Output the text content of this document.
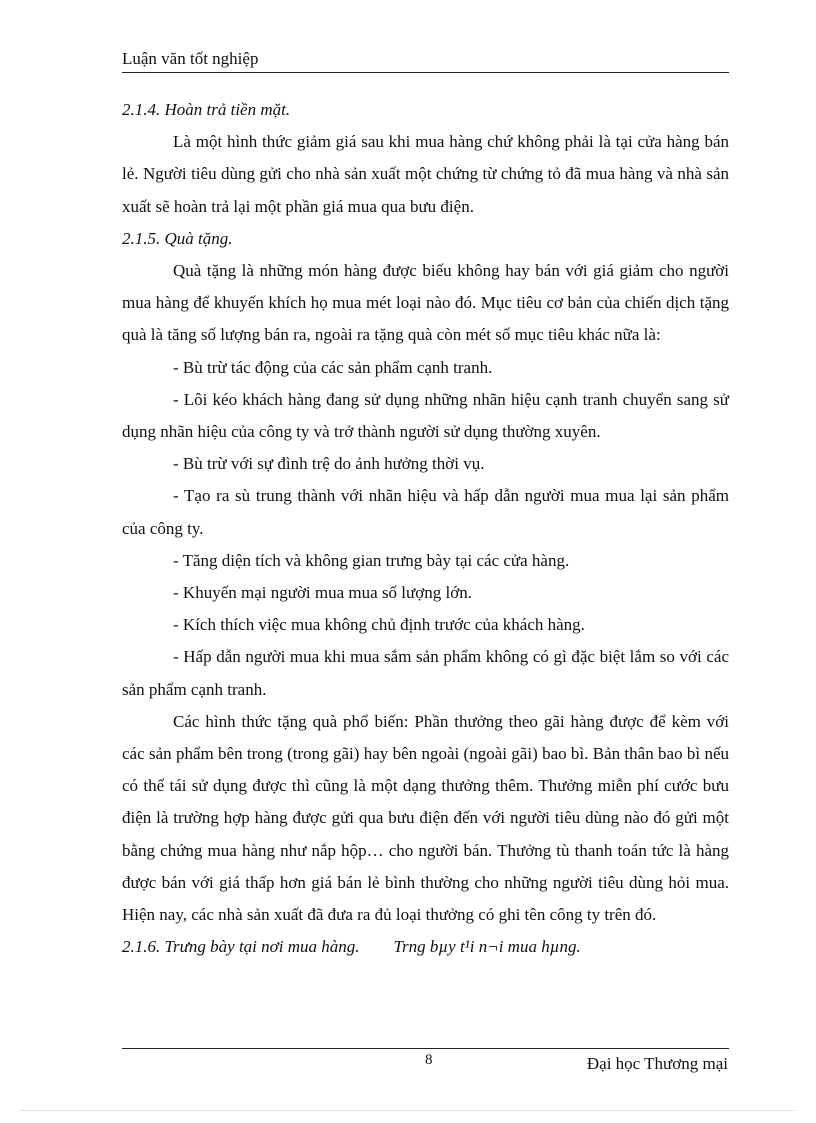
Luận văn tốt nghiệp

2.1.4. Hoàn trả tiền mặt.

Là một hình thức giảm giá sau khi mua hàng chứ không phải là tại cửa hàng bán lẻ. Người tiêu dùng gửi cho nhà sản xuất một chứng từ chứng tỏ đã mua hàng và nhà sản xuất sẽ hoàn trả lại một phần giá mua qua bưu điện.

2.1.5. Quà tặng.

Quà tặng là những món hàng được biếu không hay bán với giá giảm cho người mua hàng để khuyến khích họ mua mét loại nào đó. Mục tiêu cơ bản của chiến dịch tặng quà là tăng số lượng bán ra, ngoài ra tặng quà còn mét số mục tiêu khác nữa là:

- Bù trừ tác động của các sản phẩm cạnh tranh.

- Lôi kéo khách hàng đang sử dụng những nhãn hiệu cạnh tranh chuyển sang sử dụng nhãn hiệu của công ty và trở thành người sử dụng thường xuyên.

- Bù trừ với sự đình trệ do ảnh hưởng thời vụ.

- Tạo ra sù trung thành với nhãn hiệu và hấp dẫn người mua mua lại sản phẩm của công ty.

- Tăng diện tích và không gian trưng bày tại các cửa hàng.

- Khuyến mại người mua mua số lượng lớn.

- Kích thích việc mua không chủ định trước của khách hàng.

- Hấp dẫn người mua khi mua sắm sản phẩm không có gì đặc biệt lắm so với các sản phẩm cạnh tranh.

Các hình thức tặng quà phổ biến: Phần thưởng theo gãi hàng được để kèm với các sản phẩm bên trong (trong gãi) hay bên ngoài (ngoài gãi) bao bì. Bản thân bao bì nếu có thể tái sử dụng được thì cũng là một dạng thưởng thêm. Thưởng miễn phí cước bưu điện là trường hợp hàng được gửi qua bưu điện đến với người tiêu dùng nào đó gửi một bằng chứng mua hàng như nắp hộp… cho người bán. Thưởng tù thanh toán tức là hàng được bán với giá thấp hơn giá bán lẻ bình thường cho những người tiêu dùng hỏi mua. Hiện nay, các nhà sản xuất đã đưa ra đủ loại thưởng có ghi tên công ty trên đó.

2.1.6. Trưng bày tại nơi mua hàng. Trng bµy t¹i n¬i mua hµng.

8	Đại học Thương mại
